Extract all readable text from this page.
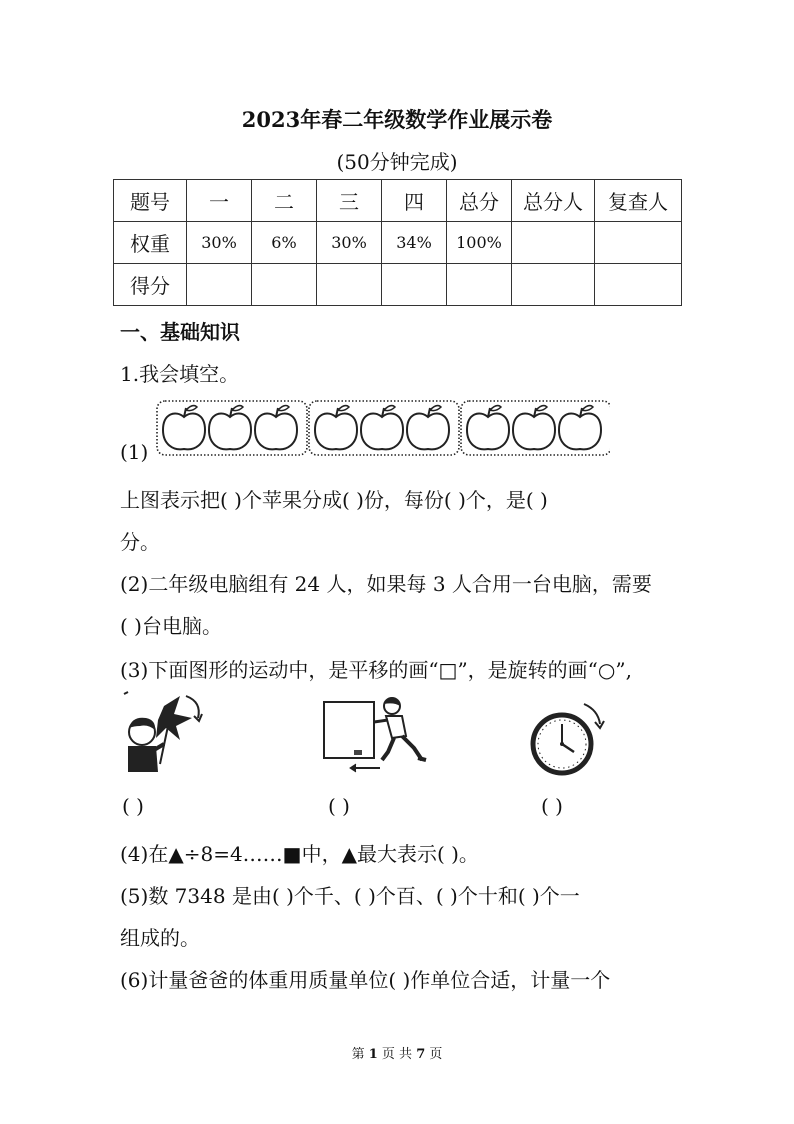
2023年春二年级数学作业展示卷
(50分钟完成)
题号	一	二	三	四	总分	总分人	复查人
权重	30%	6%	30%	34%	100%		
得分							
一、基础知识
1.我会填空。
(1)
上图表示把( )个苹果分成( )份，每份( )个，是( )
分。
(2)二年级电脑组有 24 人，如果每 3 人合用一台电脑，需要
( )台电脑。
(3)下面图形的运动中，是平移的画“□”，是旋转的画“○”,
( )	( )	( )
(4)在▲÷8=4……■中，▲最大表示( )。
(5)数 7348 是由( )个千、( )个百、( )个十和( )个一
组成的。
(6)计量爸爸的体重用质量单位( )作单位合适，计量一个
第 1 页 共 7 页
